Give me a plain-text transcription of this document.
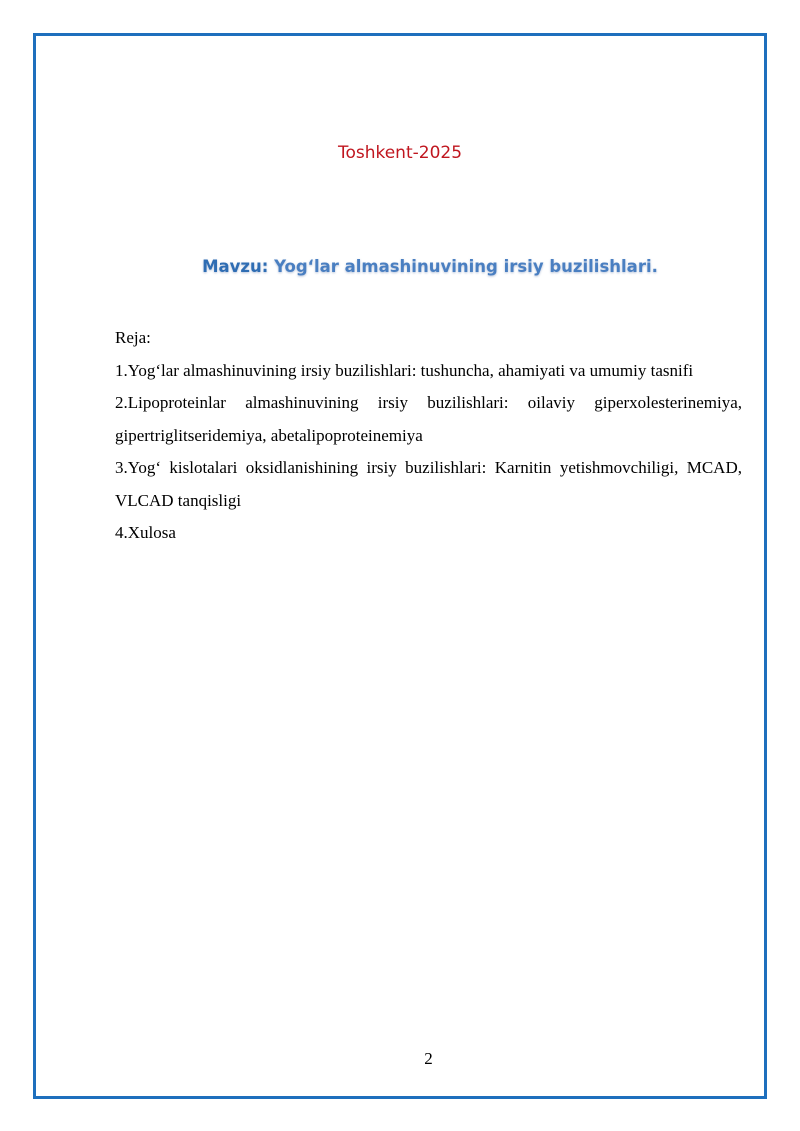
Toshkent-2025
Mavzu: Yog‘lar almashinuvining irsiy buzilishlari.

Reja:

1.Yog‘lar almashinuvining irsiy buzilishlari: tushuncha, ahamiyati va umumiy tasnifi

2.Lipoproteinlar almashinuvining irsiy buzilishlari: oilaviy giperxolesterinemiya, gipertriglitseridemiya, abetalipoproteinemiya

3.Yog‘ kislotalari oksidlanishining irsiy buzilishlari: Karnitin yetishmovchiligi, MCAD, VLCAD tanqisligi

4.Xulosa

2
